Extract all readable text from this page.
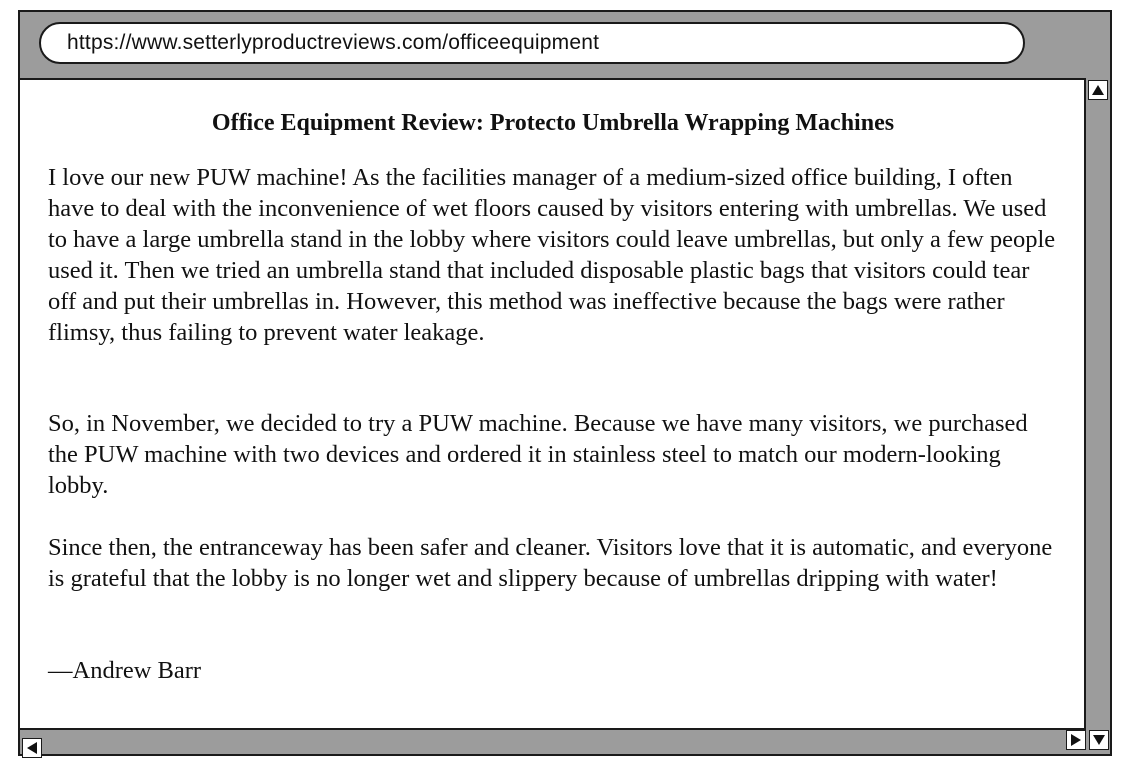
https://www.setterlyproductreviews.com/officeequipment
Office Equipment Review: Protecto Umbrella Wrapping Machines

I love our new PUW machine! As the facilities manager of a medium-sized office building, I often have to deal with the inconvenience of wet floors caused by visitors entering with umbrellas. We used to have a large umbrella stand in the lobby where visitors could leave umbrellas, but only a few people used it. Then we tried an umbrella stand that included disposable plastic bags that visitors could tear off and put their umbrellas in. However, this method was ineffective because the bags were rather flimsy, thus failing to prevent water leakage.

So, in November, we decided to try a PUW machine. Because we have many visitors, we purchased the PUW machine with two devices and ordered it in stainless steel to match our modern-looking lobby.

Since then, the entranceway has been safer and cleaner. Visitors love that it is automatic, and everyone is grateful that the lobby is no longer wet and slippery because of umbrellas dripping with water!

—Andrew Barr
